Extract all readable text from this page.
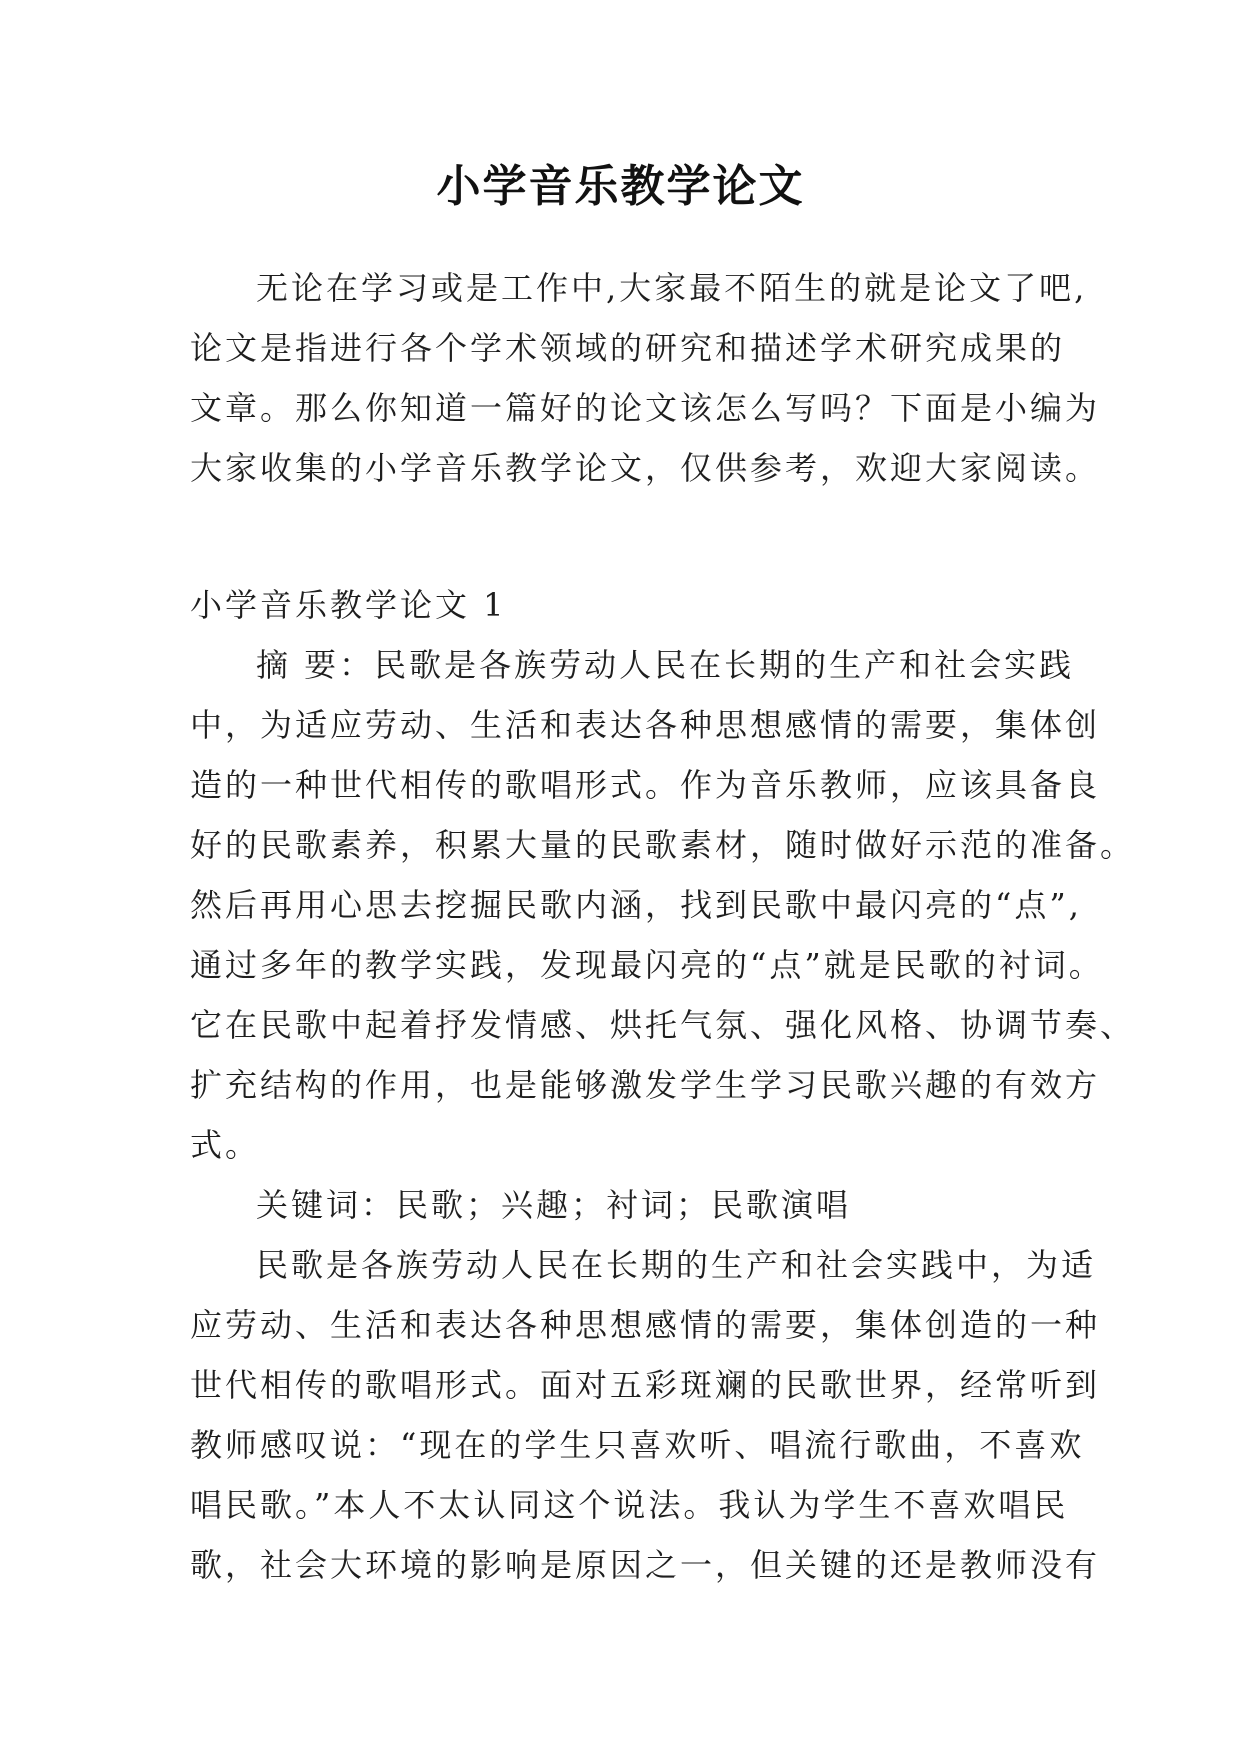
小学音乐教学论文

无论在学习或是工作中,大家最不陌生的就是论文了吧,

论文是指进行各个学术领域的研究和描述学术研究成果的

文章。那么你知道一篇好的论文该怎么写吗？下面是小编为

大家收集的小学音乐教学论文，仅供参考，欢迎大家阅读。

小学音乐教学论文 1

摘 要：民歌是各族劳动人民在长期的生产和社会实践

中，为适应劳动、生活和表达各种思想感情的需要，集体创

造的一种世代相传的歌唱形式。作为音乐教师，应该具备良

好的民歌素养，积累大量的民歌素材，随时做好示范的准备。

然后再用心思去挖掘民歌内涵，找到民歌中最闪亮的“点”,

通过多年的教学实践，发现最闪亮的“点”就是民歌的衬词。

它在民歌中起着抒发情感、烘托气氛、强化风格、协调节奏、

扩充结构的作用，也是能够激发学生学习民歌兴趣的有效方

式。

关键词：民歌；兴趣；衬词；民歌演唱

民歌是各族劳动人民在长期的生产和社会实践中，为适

应劳动、生活和表达各种思想感情的需要，集体创造的一种

世代相传的歌唱形式。面对五彩斑斓的民歌世界，经常听到

教师感叹说：“现在的学生只喜欢听、唱流行歌曲，不喜欢

唱民歌。”本人不太认同这个说法。我认为学生不喜欢唱民

歌，社会大环境的影响是原因之一，但关键的还是教师没有
